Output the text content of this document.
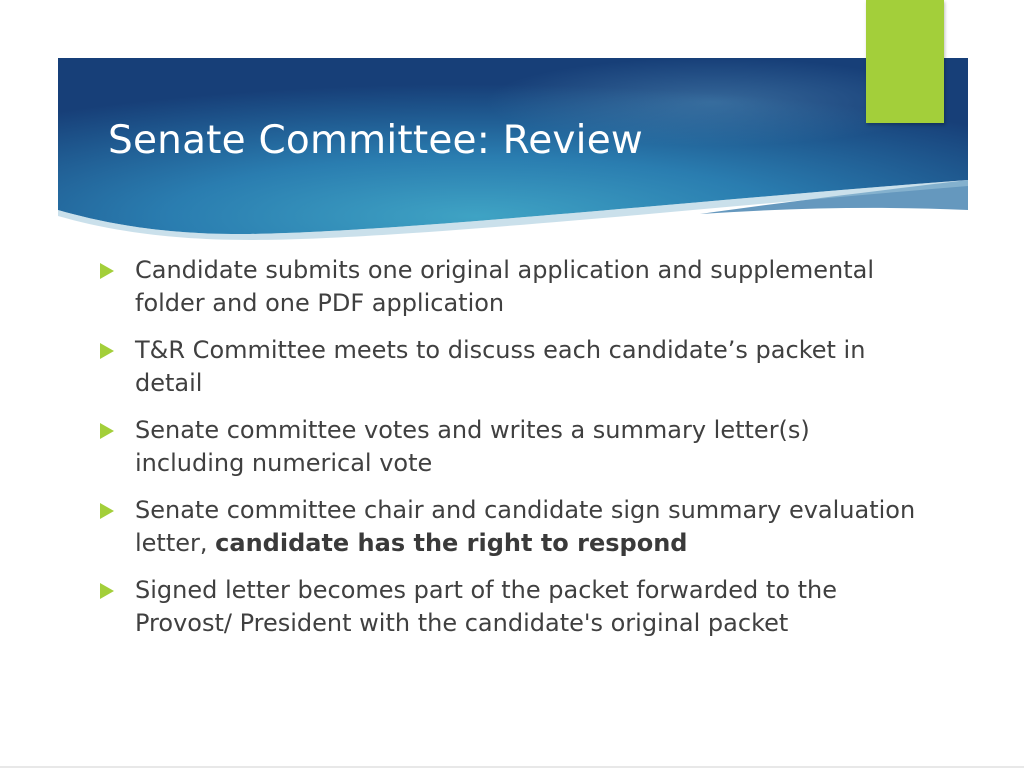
Senate Committee: Review
Candidate submits one original application and supplemental folder and one PDF application
T&R Committee meets to discuss each candidate’s packet in detail
Senate committee votes and writes a summary letter(s) including numerical vote
Senate committee chair and candidate sign summary evaluation letter, candidate has the right to respond
Signed letter becomes part of the packet forwarded to the Provost/ President with the candidate's original packet
